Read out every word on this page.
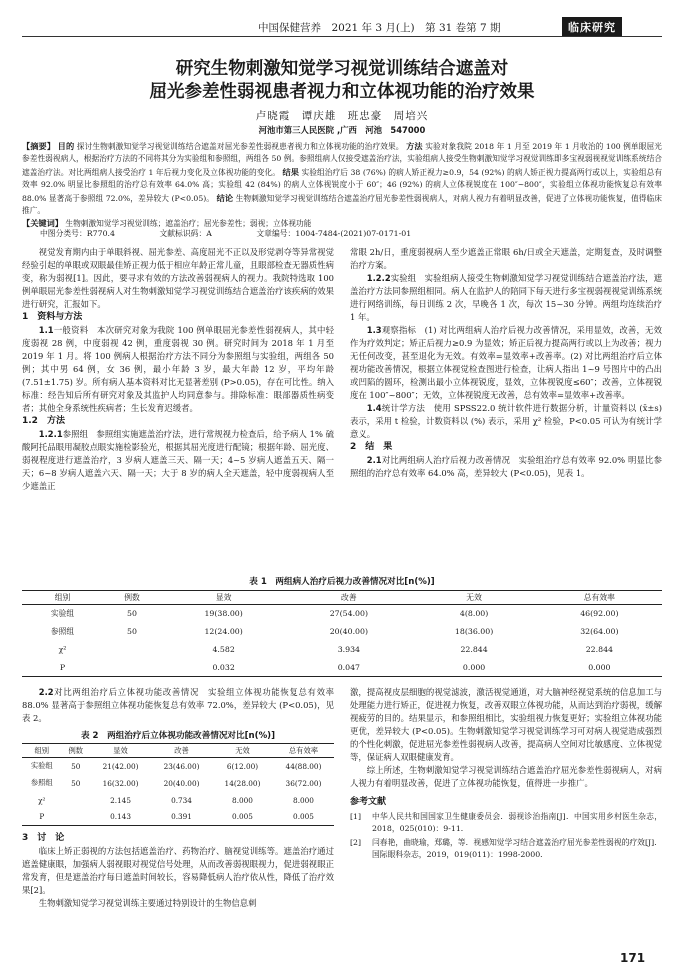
中国保健营养　2021 年 3 月(上)　第 31 卷第 7 期	临床研究
研究生物刺激知觉学习视觉训练结合遮盖对
屈光参差性弱视患者视力和立体视功能的治疗效果
卢晓霞　谭庆雄　班忠豪　周培兴
河池市第三人民医院 ,广西　河池　547000
【摘要】 目的 探讨生物刺激知觉学习视觉训练结合遮盖对屈光参差性弱视患者视力和立体视功能的治疗效果。 方法 实验对象我院 2018 年 1 月至 2019 年 1 月收治的 100 例单眼屈光参差性弱视病人，根据治疗方法的不同将其分为实验组和参照组，两组各 50 例。参照组病人仅接受遮盖治疗法，实验组病人接受生物刺激知觉学习视觉训练即多宝视弱视视觉训练系统结合遮盖治疗法。对比两组病人接受治疗 1 年后视力变化及立体视功能的变化。 结果 实验组治疗后 38 (76%) 的病人矫正视力≥0.9，54 (92%) 的病人矫正视力提高两行或以上，实验组总有效率 92.0% 明显比参照组的治疗总有效率 64.0% 高；实验组 42 (84%) 的病人立体视锐度小于 60″；46 (92%) 的病人立体视锐度在 100″~800″，实验组立体视功能恢复总有效率 88.0% 显著高于参照组 72.0%，差异较大 (P<0.05)。 结论 生物刺激知觉学习视觉训练结合遮盖治疗屈光参差性弱视病人，对病人视力有着明显改善，促进了立体视功能恢复，值得临床推广。
【关键词】 生物刺激知觉学习视觉训练；遮盖治疗；屈光参差性；弱视；立体视功能
中图分类号：R770.4	文献标识码：A	文章编号：1004-7484-(2021)07-0171-01

视觉发育期内由于单眼斜视、屈光参差、高度屈光不正以及形觉剥夺等异常视觉经验引起的单眼或双眼最佳矫正视力低于相应年龄正常儿童，且眼部检查无器质性病变，称为弱视[1]。因此，要寻求有效的方法改善弱视病人的视力。我院特选取 100 例单眼屈光参差性弱视病人对生物刺激知觉学习视觉训练结合遮盖治疗该疾病的效果进行研究，汇报如下。

1　资料与方法

1.1一般资料　本次研究对象为我院 100 例单眼屈光参差性弱视病人，其中轻度弱视 28 例，中度弱视 42 例，重度弱视 30 例。研究时间为 2018 年 1 月至 2019 年 1 月。将 100 例病人根据治疗方法不同分为参照组与实验组，两组各 50 例；其中男 64 例，女 36 例，最小年龄 3 岁，最大年龄 12 岁，平均年龄 (7.51±1.75) 岁。所有病人基本资料对比无显著差别 (P>0.05)，存在可比性。纳入标准：经告知后所有研究对象及其监护人均同意参与。排除标准：眼部器质性病变者；其他全身系统性疾病者；生长发育迟缓者。

1.2　方法

1.2.1参照组　参照组实施遮盖治疗法，进行常规视力检查后，给予病人 1% 硫酸阿托品眼用凝胶点眼实施检影验光，根据其屈光度进行配镜；根据年龄、屈光度、弱视程度进行遮盖治疗，3 岁病人遮盖三天、隔一天；4~5 岁病人遮盖五天、隔一天；6~8 岁病人遮盖六天、隔一天；大于 8 岁的病人全天遮盖，轻中度弱视病人至少遮盖正

常眼 2h/日，重度弱视病人至少遮盖正常眼 6h/日或全天遮盖，定期复查，及时调整治疗方案。

1.2.2实验组　实验组病人接受生物刺激知觉学习视觉训练结合遮盖治疗法，遮盖治疗方法同参照组相同。病人在监护人的陪同下每天进行多宝视弱视视觉训练系统进行网络训练，每日训练 2 次，早晚各 1 次，每次 15~30 分钟。两组均连续治疗 1 年。

1.3观察指标　(1) 对比两组病人治疗后视力改善情况，采用显效，改善，无效作为疗效判定；矫正后视力≥0.9 为显效；矫正后视力提高两行或以上为改善；视力无任何改变，甚至退化为无效。有效率=显效率+改善率。(2) 对比两组治疗后立体视功能改善情况，根据立体视觉检查图进行检查，让病人指出 1~9 号图片中的凸出或凹陷的圆环，检测出最小立体视锐度，显效，立体视锐度≤60″；改善，立体视锐度在 100″~800″；无效，立体视锐度无改善，总有效率=显效率+改善率。

1.4统计学方法　使用 SPSS22.0 统计软件进行数据分析，计量资料以 (x̄±s) 表示，采用 t 检验，计数资料以 (%) 表示，采用 χ² 检验，P<0.05 可认为有统计学意义。

2　结　果

2.1对比两组病人治疗后视力改善情况　实验组治疗总有效率 92.0% 明显比参照组的治疗总有效率 64.0% 高，差异较大 (P<0.05)，见表 1。

表 1　两组病人治疗后视力改善情况对比[n(%)]
组别	例数	显效	改善	无效	总有效率
实验组	50	19(38.00)	27(54.00)	4(8.00)	46(92.00)
参照组	50	12(24.00)	20(40.00)	18(36.00)	32(64.00)
χ²		4.582	3.934	22.844	22.844
P		0.032	0.047	0.000	0.000

2.2对比两组治疗后立体视功能改善情况　实验组立体视功能恢复总有效率 88.0% 显著高于参照组立体视功能恢复总有效率 72.0%，差异较大 (P<0.05)，见表 2。

表 2　两组治疗后立体视功能改善情况对比[n(%)]
组别	例数	显效	改善	无效	总有效率
实验组	50	21(42.00)	23(46.00)	6(12.00)	44(88.00)
参照组	50	16(32.00)	20(40.00)	14(28.00)	36(72.00)
χ²		2.145	0.734	8.000	8.000
P		0.143	0.391	0.005	0.005
3　讨　论

临床上矫正弱视的方法包括遮盖治疗、药物治疗、脑视觉训练等。遮盖治疗通过遮盖健康眼，加强病人弱视眼对视觉信号处理，从而改善弱视眼视力，促进弱视眼正常发育，但是遮盖治疗每日遮盖时间较长，容易降低病人治疗依从性，降低了治疗效果[2]。

生物刺激知觉学习视觉训练主要通过特别设计的生物信息刺

激，提高视皮层细胞的视觉滤波，激活视觉通道，对大脑神经视觉系统的信息加工与处理能力进行矫正，促进视力恢复，改善双眼立体视功能，从而达到治疗弱视，缓解视疲劳的目的。结果显示，和参照组相比，实验组视力恢复更好；实验组立体视功能更优，差异较大 (P<0.05)。生物刺激知觉学习视觉训练学习可对病人视觉造成强烈的个性化刺激，促进屈光参差性弱视病人改善，提高病人空间对比敏感度、立体视觉等，保证病人双眼健康发育。

综上所述，生物刺激知觉学习视觉训练结合遮盖治疗屈光参差性弱视病人，对病人视力有着明显改善，促进了立体视功能恢复，值得进一步推广。

参考文献
[1]	中华人民共和国国家卫生健康委员会．弱视诊治指南[J]．中国实用乡村医生杂志，2018，025(010)：9-11．
[2]	闫春艳，曲晓瑜，郑璐，等．视感知觉学习结合遮盖治疗屈光参差性弱视的疗效[J]．国际眼科杂志，2019，019(011)：1998-2000．
171
